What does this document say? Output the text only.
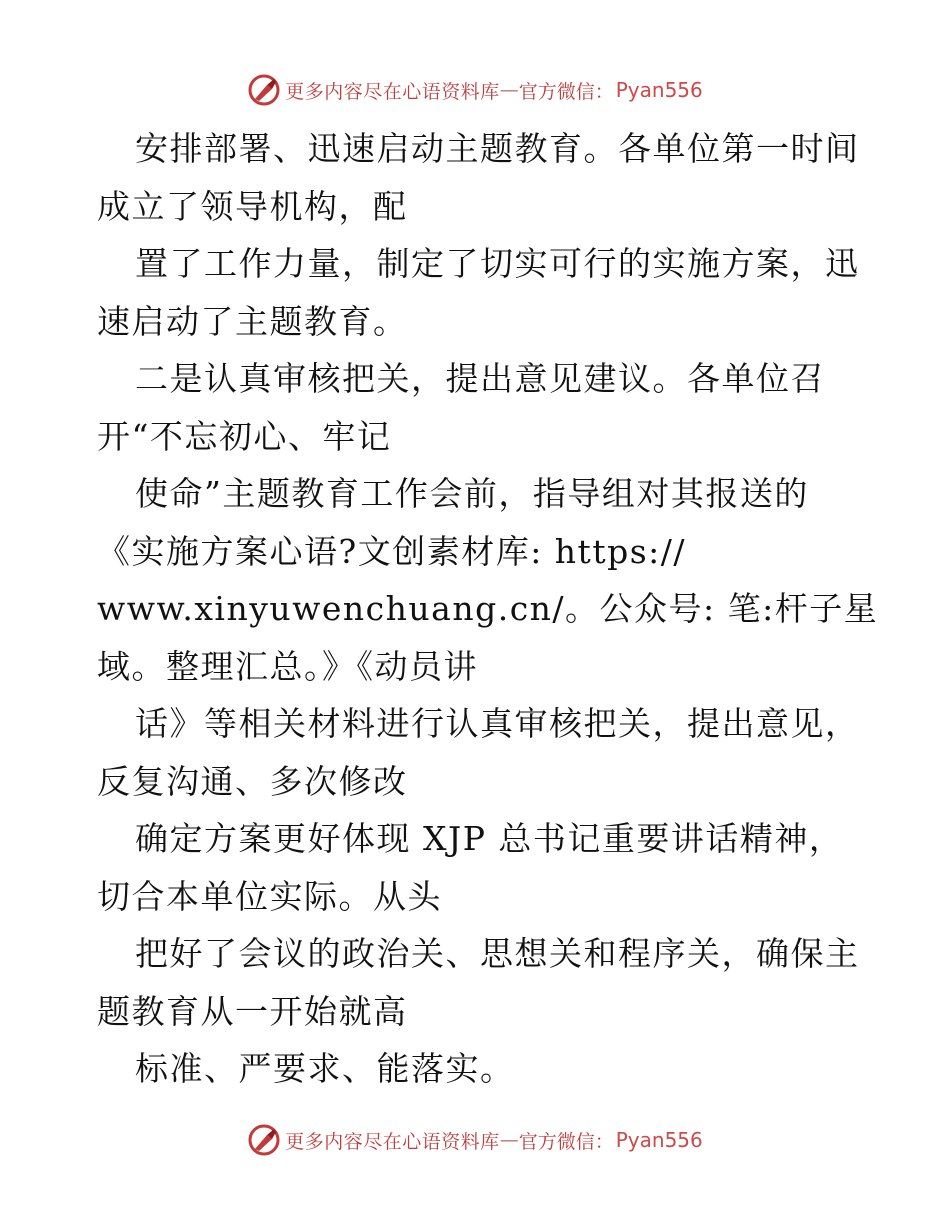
更多内容尽在心语资料库 — 官方微信： Pyan556
安排部署、迅速启动主题教育。各单位第一时间
成立了领导机构，配
置了工作力量，制定了切实可行的实施方案，迅
速启动了主题教育。
二是认真审核把关，提出意见建议。各单位召
开“不忘初心、牢记
使命”主题教育工作会前，指导组对其报送的
《实施方案心语?文创素材库: https://
www.xinyuwenchuang.cn/。公众号: 笔:杆子星
域。整理汇总。》《动员讲
话》等相关材料进行认真审核把关，提出意见，
反复沟通、多次修改
确定方案更好体现 XJP 总书记重要讲话精神，
切合本单位实际。从头
把好了会议的政治关、思想关和程序关，确保主
题教育从一开始就高
标准、严要求、能落实。
更多内容尽在心语资料库 — 官方微信： Pyan556
